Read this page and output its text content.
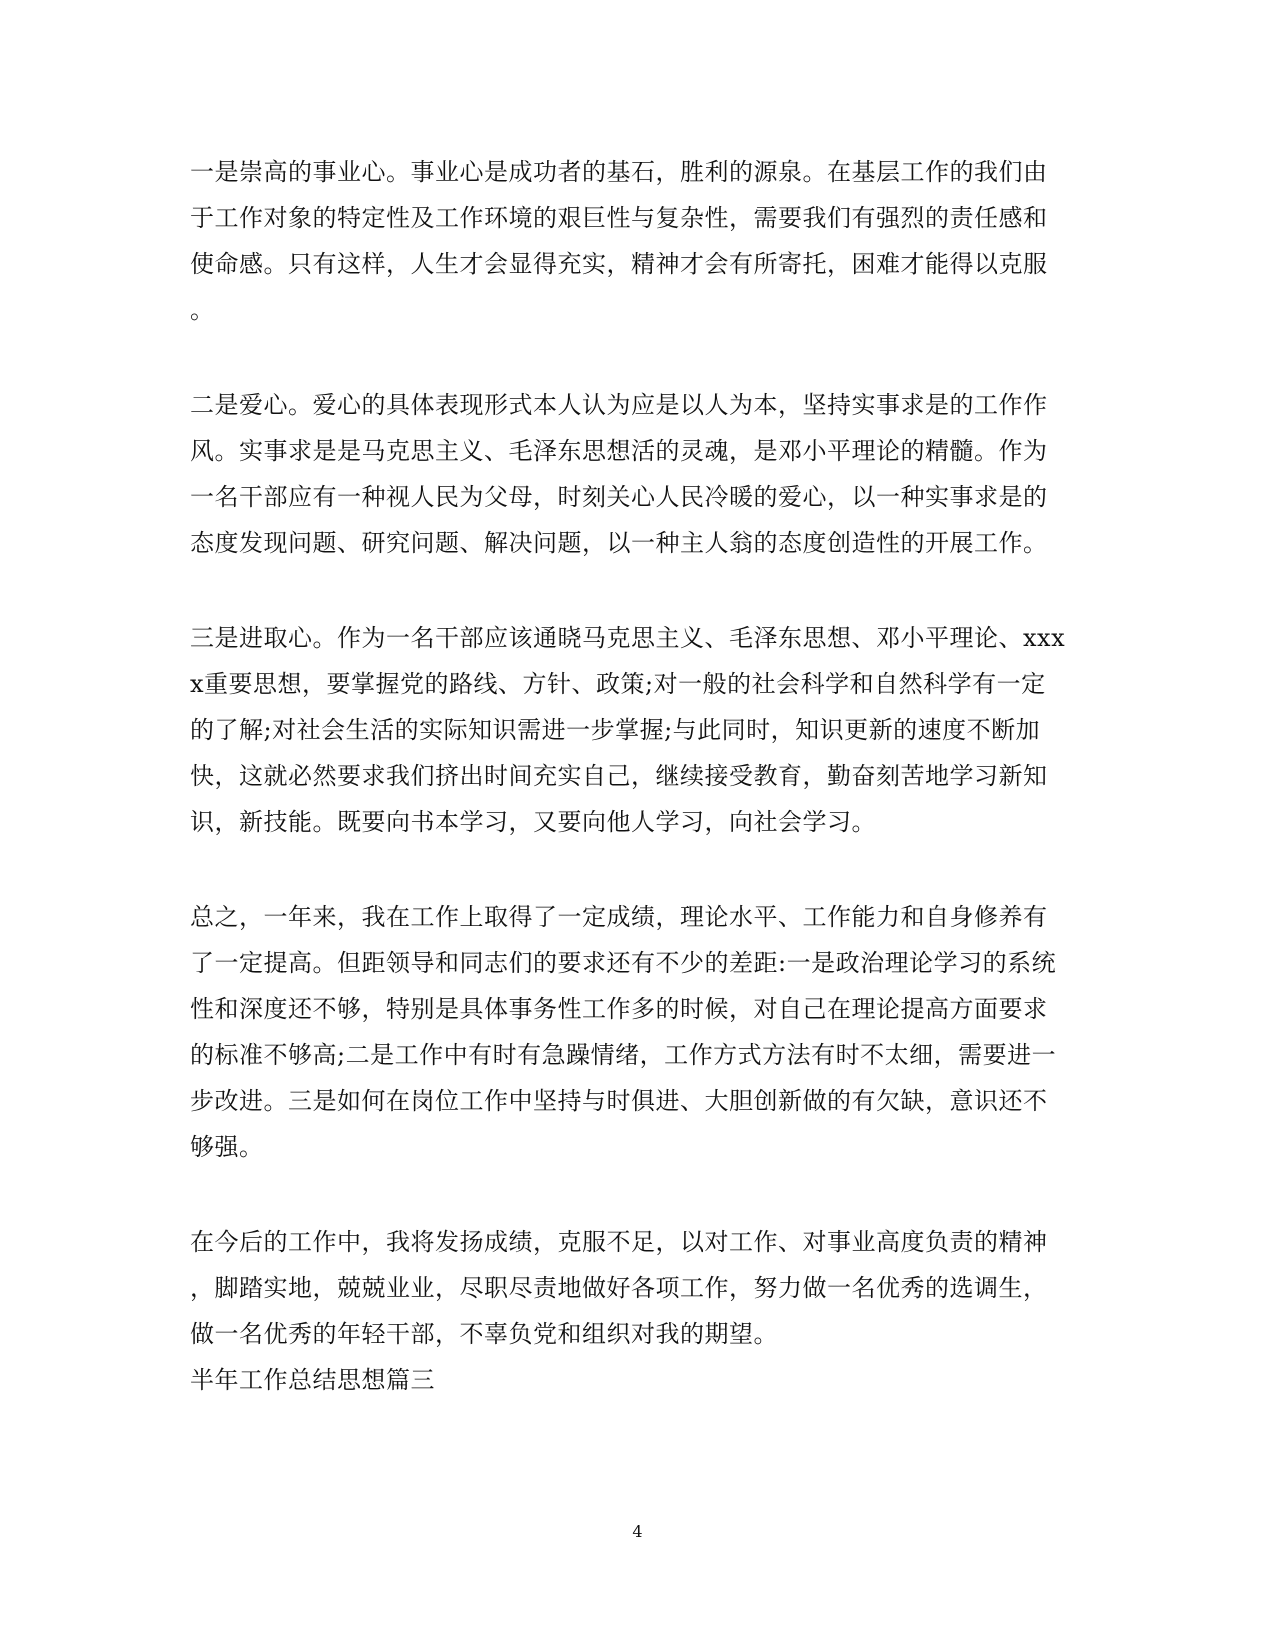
一是崇高的事业心。事业心是成功者的基石，胜利的源泉。在基层工作的我们由

于工作对象的特定性及工作环境的艰巨性与复杂性，需要我们有强烈的责任感和

使命感。只有这样，人生才会显得充实，精神才会有所寄托，困难才能得以克服

。

二是爱心。爱心的具体表现形式本人认为应是以人为本，坚持实事求是的工作作

风。实事求是是马克思主义、毛泽东思想活的灵魂，是邓小平理论的精髓。作为

一名干部应有一种视人民为父母，时刻关心人民冷暖的爱心，以一种实事求是的

态度发现问题、研究问题、解决问题，以一种主人翁的态度创造性的开展工作。

三是进取心。作为一名干部应该通晓马克思主义、毛泽东思想、邓小平理论、xxx

x重要思想，要掌握党的路线、方针、政策;对一般的社会科学和自然科学有一定

的了解;对社会生活的实际知识需进一步掌握;与此同时，知识更新的速度不断加

快，这就必然要求我们挤出时间充实自己，继续接受教育，勤奋刻苦地学习新知

识，新技能。既要向书本学习，又要向他人学习，向社会学习。

总之，一年来，我在工作上取得了一定成绩，理论水平、工作能力和自身修养有

了一定提高。但距领导和同志们的要求还有不少的差距:一是政治理论学习的系统

性和深度还不够，特别是具体事务性工作多的时候，对自己在理论提高方面要求

的标准不够高;二是工作中有时有急躁情绪，工作方式方法有时不太细，需要进一

步改进。三是如何在岗位工作中坚持与时俱进、大胆创新做的有欠缺，意识还不

够强。

在今后的工作中，我将发扬成绩，克服不足，以对工作、对事业高度负责的精神

，脚踏实地，兢兢业业，尽职尽责地做好各项工作，努力做一名优秀的选调生，

做一名优秀的年轻干部，不辜负党和组织对我的期望。

半年工作总结思想篇三

4
